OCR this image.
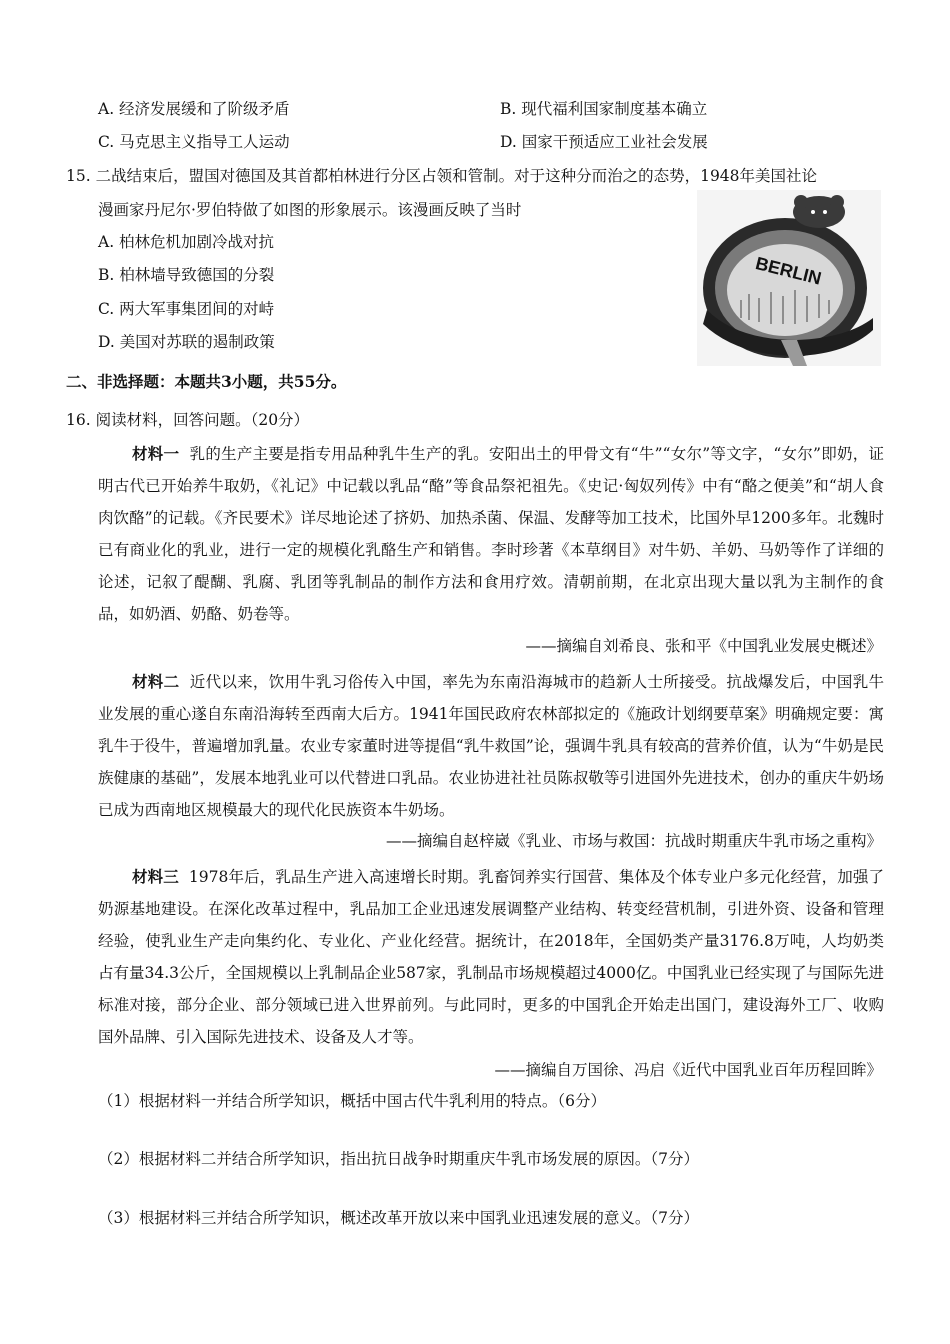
A. 经济发展缓和了阶级矛盾	B. 现代福利国家制度基本确立
C. 马克思主义指导工人运动	D. 国家干预适应工业社会发展
15. 二战结束后，盟国对德国及其首都柏林进行分区占领和管制。对于这种分而治之的态势，1948年美国社论
漫画家丹尼尔·罗伯特做了如图的形象展示。该漫画反映了当时
A. 柏林危机加剧冷战对抗
B. 柏林墙导致德国的分裂
C. 两大军事集团间的对峙
D. 美国对苏联的遏制政策
BERLIN
二、非选择题：本题共3小题，共55分。
16. 阅读材料，回答问题。（20分）
材料一 乳的生产主要是指专用品种乳牛生产的乳。安阳出土的甲骨文有“牛”“女尔”等文字，“女尔”即奶，证明古代已开始养牛取奶，《礼记》中记载以乳品“酪”等食品祭祀祖先。《史记·匈奴列传》中有“酪之便美”和“胡人食肉饮酪”的记载。《齐民要术》详尽地论述了挤奶、加热杀菌、保温、发酵等加工技术，比国外早1200多年。北魏时已有商业化的乳业，进行一定的规模化乳酪生产和销售。李时珍著《本草纲目》对牛奶、羊奶、马奶等作了详细的论述，记叙了醍醐、乳腐、乳团等乳制品的制作方法和食用疗效。清朝前期，在北京出现大量以乳为主制作的食品，如奶酒、奶酪、奶卷等。
——摘编自刘希良、张和平《中国乳业发展史概述》
材料二 近代以来，饮用牛乳习俗传入中国，率先为东南沿海城市的趋新人士所接受。抗战爆发后，中国乳牛业发展的重心遂自东南沿海转至西南大后方。1941年国民政府农林部拟定的《施政计划纲要草案》明确规定要：寓乳牛于役牛，普遍增加乳量。农业专家董时进等提倡“乳牛救国”论，强调牛乳具有较高的营养价值，认为“牛奶是民族健康的基础”，发展本地乳业可以代替进口乳品。农业协进社社员陈叔敬等引进国外先进技术，创办的重庆牛奶场已成为西南地区规模最大的现代化民族资本牛奶场。
——摘编自赵梓崴《乳业、市场与救国：抗战时期重庆牛乳市场之重构》
材料三 1978年后，乳品生产进入高速增长时期。乳畜饲养实行国营、集体及个体专业户多元化经营，加强了奶源基地建设。在深化改革过程中，乳品加工企业迅速发展调整产业结构、转变经营机制，引进外资、设备和管理经验，使乳业生产走向集约化、专业化、产业化经营。据统计，在2018年，全国奶类产量3176.8万吨，人均奶类占有量34.3公斤，全国规模以上乳制品企业587家，乳制品市场规模超过4000亿。中国乳业已经实现了与国际先进标准对接，部分企业、部分领域已进入世界前列。与此同时，更多的中国乳企开始走出国门，建设海外工厂、收购国外品牌、引入国际先进技术、设备及人才等。
——摘编自万国徐、冯启《近代中国乳业百年历程回眸》
（1）根据材料一并结合所学知识，概括中国古代牛乳利用的特点。（6分）
（2）根据材料二并结合所学知识，指出抗日战争时期重庆牛乳市场发展的原因。（7分）
（3）根据材料三并结合所学知识，概述改革开放以来中国乳业迅速发展的意义。（7分）
